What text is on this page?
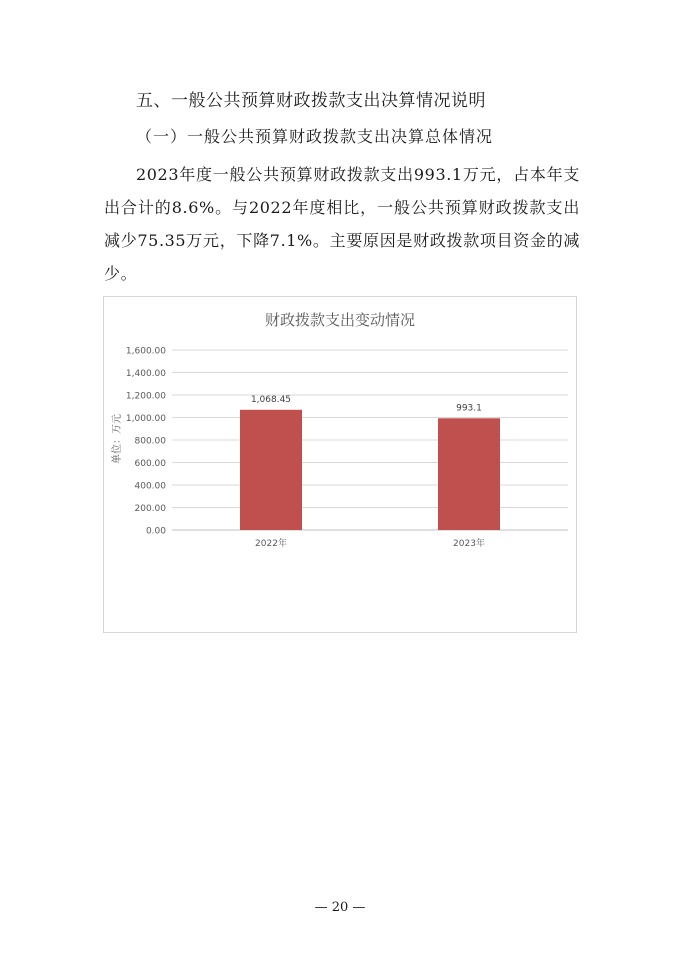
五、一般公共预算财政拨款支出决算情况说明
（一）一般公共预算财政拨款支出决算总体情况
2023年度一般公共预算财政拨款支出993.1万元，占本年支出合计的8.6%。与2022年度相比，一般公共预算财政拨款支出减少75.35万元，下降7.1%。主要原因是财政拨款项目资金的减少。
财政拨款支出变动情况
单位：万元
0.00
200.00
400.00
600.00
800.00
1,000.00
1,200.00
1,400.00
1,600.00
1,068.45
993.1
2022年	2023年
— 20 —
